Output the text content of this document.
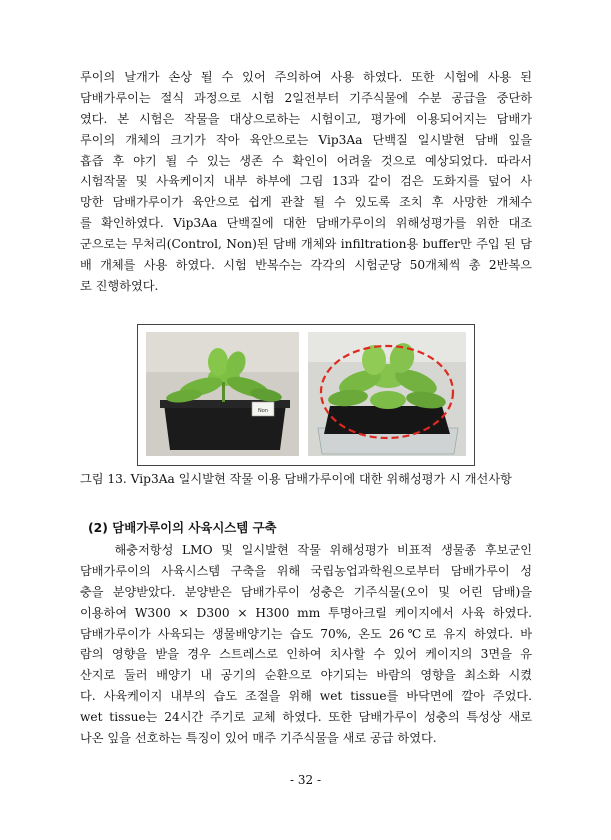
루이의 날개가 손상 될 수 있어 주의하여 사용 하였다. 또한 시험에 사용 된
담배가루이는 절식 과정으로 시험 2일전부터 기주식물에 수분 공급을 중단하
였다. 본 시험은 작물을 대상으로하는 시험이고, 평가에 이용되어지는 담배가
루이의 개체의 크기가 작아 육안으로는 Vip3Aa 단백질 일시발현 담배 잎을
흡즙 후 야기 될 수 있는 생존 수 확인이 어려울 것으로 예상되었다. 따라서
시험작물 및 사육케이지 내부 하부에 그림 13과 같이 검은 도화지를 덮어 사
망한 담배가루이가 육안으로 쉽게 관찰 될 수 있도록 조치 후 사망한 개체수
를 확인하였다. Vip3Aa 단백질에 대한 담배가루이의 위해성평가를 위한 대조
군으로는 무처리(Control, Non)된 담배 개체와 infiltration용 buffer만 주입 된 담
배 개체를 사용 하였다. 시험 반복수는 각각의 시험군당 50개체씩 총 2반복으
로 진행하였다.
Non
그림 13. Vip3Aa 일시발현 작물 이용 담배가루이에 대한 위해성평가 시 개선사항
(2) 담배가루이의 사육시스템 구축
해충저항성 LMO 및 일시발현 작물 위해성평가 비표적 생물종 후보군인
담배가루이의 사육시스템 구축을 위해 국립농업과학원으로부터 담배가루이 성
충을 분양받았다. 분양받은 담배가루이 성충은 기주식물(오이 및 어린 담배)을
이용하여 W300 × D300 × H300 mm 투명아크릴 케이지에서 사육 하였다.
담배가루이가 사육되는 생물배양기는 습도 70%, 온도 26℃로 유지 하였다. 바
람의 영향을 받을 경우 스트레스로 인하여 치사할 수 있어 케이지의 3면을 유
산지로 둘러 배양기 내 공기의 순환으로 야기되는 바람의 영향을 최소화 시켰
다. 사육케이지 내부의 습도 조절을 위해 wet tissue를 바닥면에 깔아 주었다.
wet tissue는 24시간 주기로 교체 하였다. 또한 담배가루이 성충의 특성상 새로
나온 잎을 선호하는 특징이 있어 매주 기주식물을 새로 공급 하였다.
- 32 -
